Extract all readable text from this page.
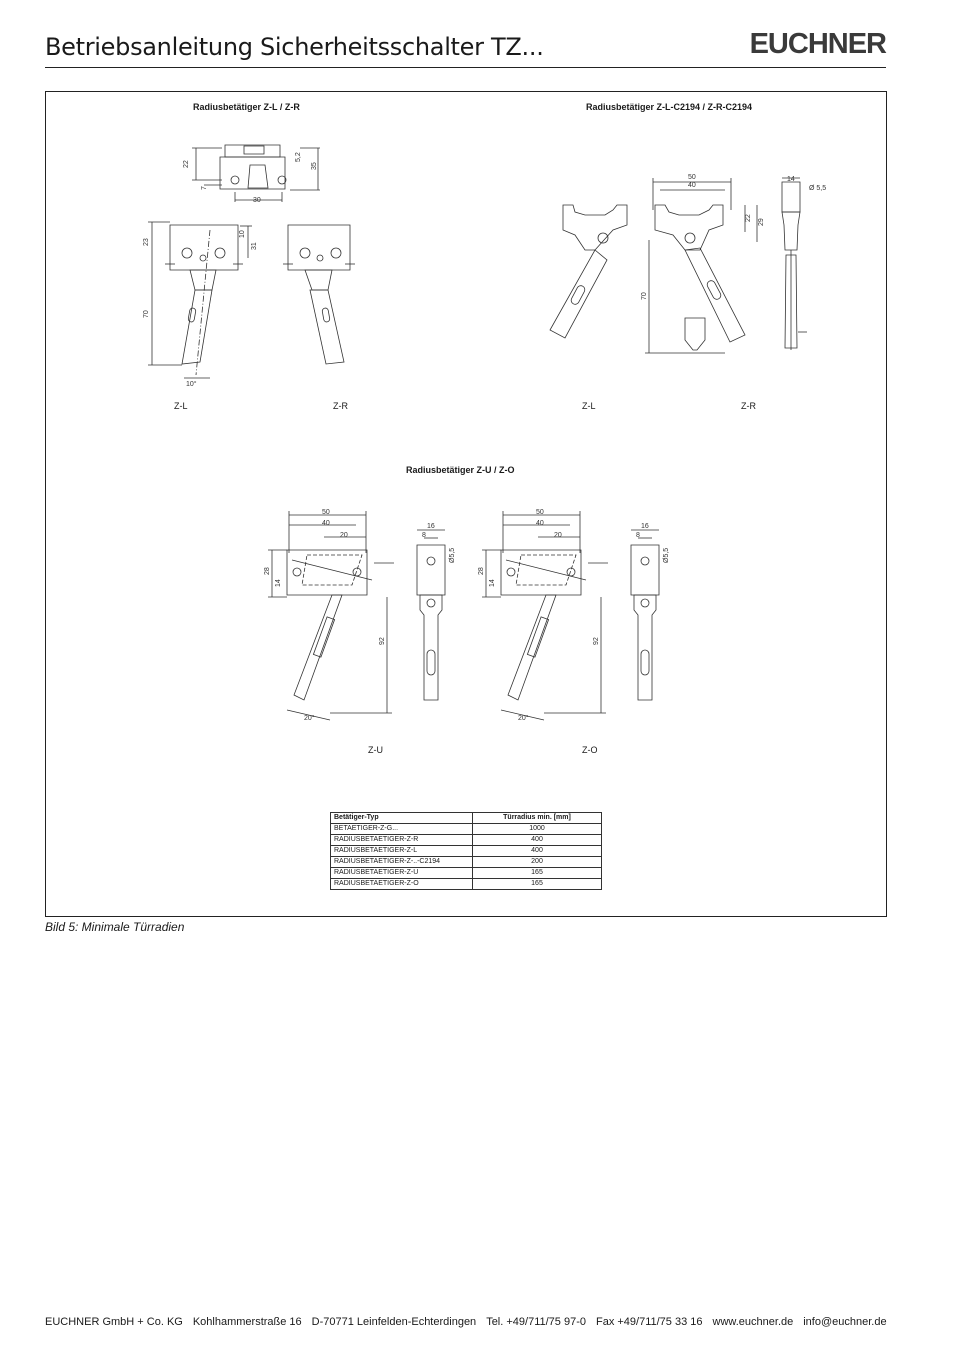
Betriebsanleitung Sicherheitsschalter TZ...	EUCHNER
Radiusbetätiger Z-L / Z-R	Radiusbetätiger Z-L-C2194 / Z-R-C2194
Radiusbetätiger Z-U / Z-O
22
7
5,2
35
30
23
10
31
70
10°
Z-L	Z-R
50
40
22
29
70
14
Ø 5,5
Z-L	Z-R
50
40
20
28
14
92
20°
16
8
Ø5,5
50
40
20
28
14
92
20°
16
8
Ø5,5
Z-U	Z-O
Betätiger-Typ	Türradius min. [mm]
BETAETIGER-Z-G...	1000
RADIUSBETAETIGER-Z-R	400
RADIUSBETAETIGER-Z-L	400
RADIUSBETAETIGER-Z-..-C2194	200
RADIUSBETAETIGER-Z-U	165
RADIUSBETAETIGER-Z-O	165
Bild 5: Minimale Türradien
EUCHNER GmbH + Co. KG Kohlhammerstraße 16 D-70771 Leinfelden-Echterdingen Tel. +49/711/75 97-0 Fax +49/711/75 33 16 www.euchner.de info@euchner.de
